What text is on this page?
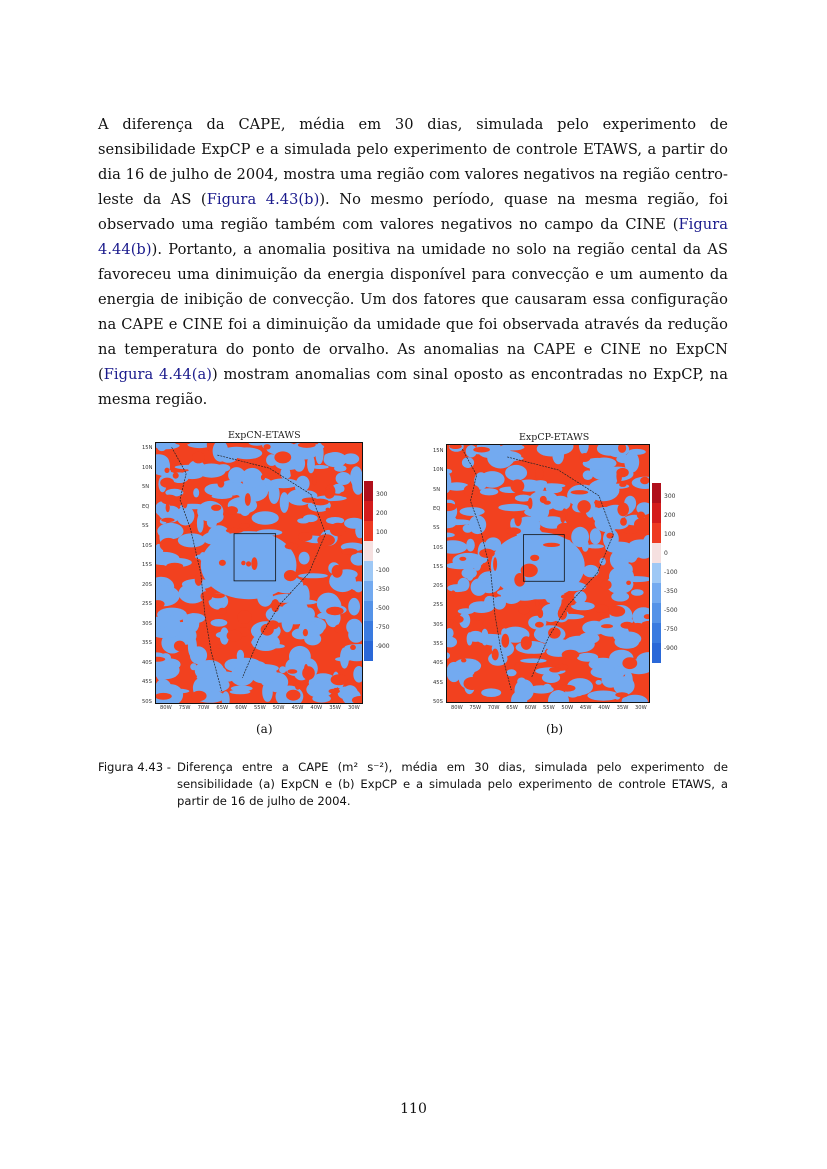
A diferença da CAPE, média em 30 dias, simulada pelo experimento de sensibilidade ExpCP e a simulada pelo experimento de controle ETAWS, a partir do dia 16 de julho de 2004, mostra uma região com valores negativos na região centro-leste da AS (Figura 4.43(b)). No mesmo período, quase na mesma região, foi observado uma região também com valores negativos no campo da CINE (Figura 4.44(b)). Portanto, a anomalia positiva na umidade no solo na região cental da AS favoreceu uma dinimuição da energia disponível para convecção e um aumento da energia de inibição de convecção. Um dos fatores que causaram essa configuração na CAPE e CINE foi a diminuição da umidade que foi observada através da redução na temperatura do ponto de orvalho. As anomalias na CAPE e CINE no ExpCN (Figura 4.44(a)) mostram anomalias com sinal oposto as encontradas no ExpCP, na mesma região.
ExpCN-ETAWS
15N
10N
5N
EQ
5S
10S
15S
20S
25S
30S
35S
40S
45S
50S
80W 75W 70W 65W 60W 55W 50W 45W 40W 35W 30W
300
200
100
0
-100
-350
-500
-750
-900
(a)
ExpCP-ETAWS
15N
10N
5N
EQ
5S
10S
15S
20S
25S
30S
35S
40S
45S
50S
80W 75W 70W 65W 60W 55W 50W 45W 40W 35W 30W
300
200
100
0
-100
-350
-500
-750
-900
(b)
Figura 4.43 - Diferença entre a CAPE (m² s⁻²), média em 30 dias, simulada pelo experimento de sensibilidade (a) ExpCN e (b) ExpCP e a simulada pelo experimento de controle ETAWS, a partir de 16 de julho de 2004.
110
